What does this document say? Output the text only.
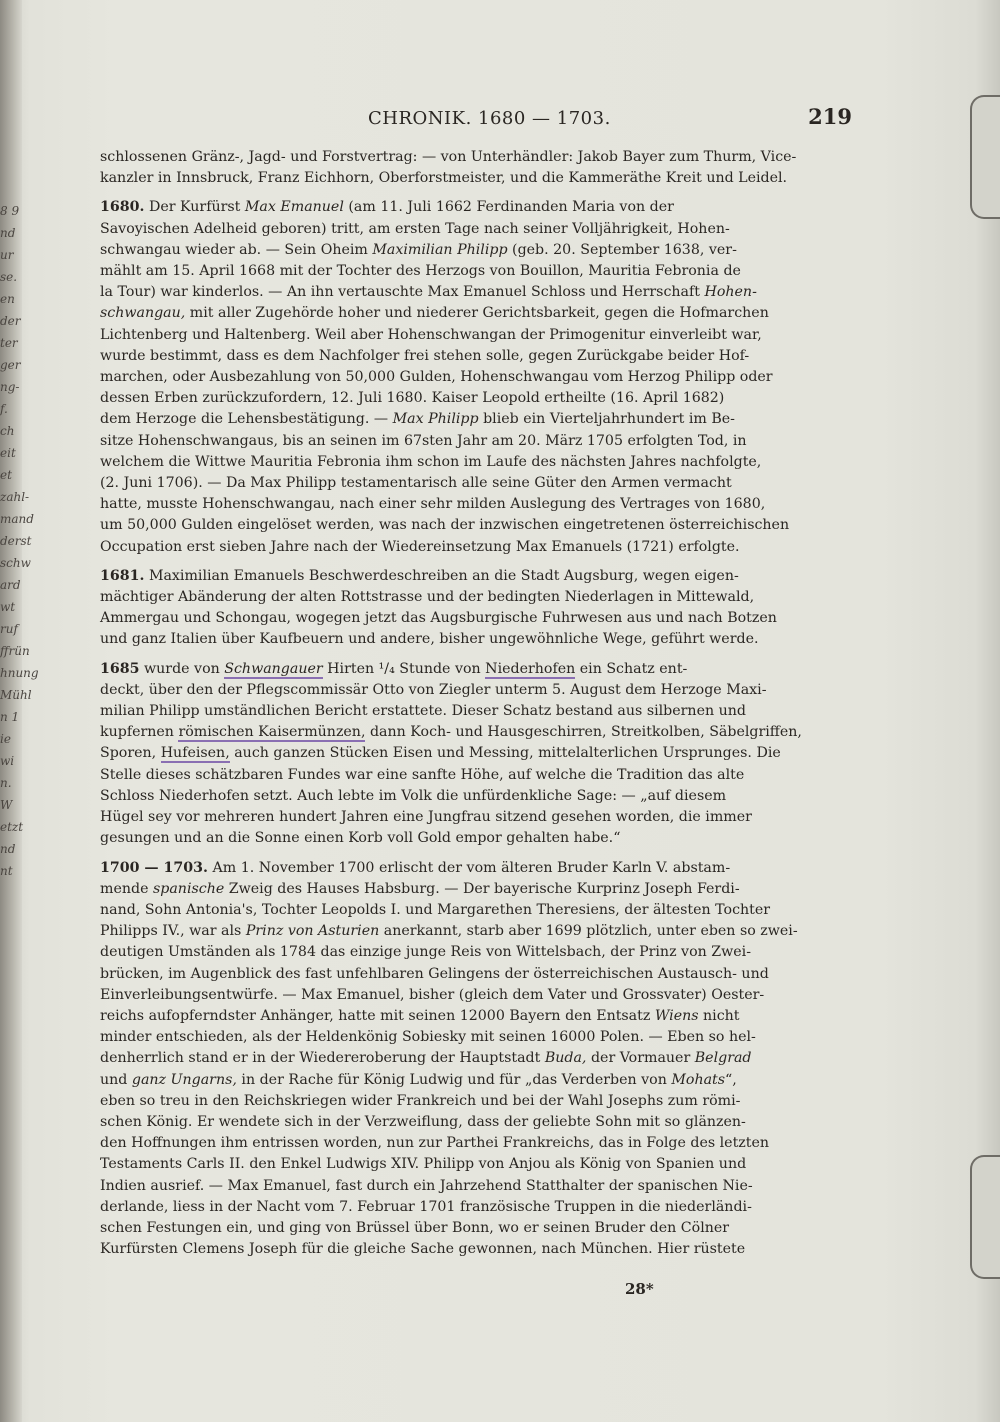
8 9 nd ur se. en der ter ger ng- f. ch eit et zahl- mand derst schw ard wt ruf ffrün hnung Mühl n 1 ie wi n. W etzt nd nt
CHRONIK. 1680 — 1703.	219

schlossenen Gränz-, Jagd- und Forstvertrag: — von Unterhändler: Jakob Bayer zum Thurm, Vice-
kanzler in Innsbruck, Franz Eichhorn, Oberforstmeister, und die Kammeräthe Kreit und Leidel.

1680. Der Kurfürst Max Emanuel (am 11. Juli 1662 Ferdinanden Maria von der
Savoyischen Adelheid geboren) tritt, am ersten Tage nach seiner Volljährigkeit, Hohen-
schwangau wieder ab. — Sein Oheim Maximilian Philipp (geb. 20. September 1638, ver-
mählt am 15. April 1668 mit der Tochter des Herzogs von Bouillon, Mauritia Febronia de
la Tour) war kinderlos. — An ihn vertauschte Max Emanuel Schloss und Herrschaft Hohen-
schwangau, mit aller Zugehörde hoher und niederer Gerichtsbarkeit, gegen die Hofmarchen
Lichtenberg und Haltenberg. Weil aber Hohenschwangan der Primogenitur einverleibt war,
wurde bestimmt, dass es dem Nachfolger frei stehen solle, gegen Zurückgabe beider Hof-
marchen, oder Ausbezahlung von 50,000 Gulden, Hohenschwangau vom Herzog Philipp oder
dessen Erben zurückzufordern, 12. Juli 1680. Kaiser Leopold ertheilte (16. April 1682)
dem Herzoge die Lehensbestätigung. — Max Philipp blieb ein Vierteljahrhundert im Be-
sitze Hohenschwangaus, bis an seinen im 67sten Jahr am 20. März 1705 erfolgten Tod, in
welchem die Wittwe Mauritia Febronia ihm schon im Laufe des nächsten Jahres nachfolgte,
(2. Juni 1706). — Da Max Philipp testamentarisch alle seine Güter den Armen vermacht
hatte, musste Hohenschwangau, nach einer sehr milden Auslegung des Vertrages von 1680,
um 50,000 Gulden eingelöset werden, was nach der inzwischen eingetretenen österreichischen
Occupation erst sieben Jahre nach der Wiedereinsetzung Max Emanuels (1721) erfolgte.

1681. Maximilian Emanuels Beschwerdeschreiben an die Stadt Augsburg, wegen eigen-
mächtiger Abänderung der alten Rottstrasse und der bedingten Niederlagen in Mittewald,
Ammergau und Schongau, wogegen jetzt das Augsburgische Fuhrwesen aus und nach Botzen
und ganz Italien über Kaufbeuern und andere, bisher ungewöhnliche Wege, geführt werde.

1685 wurde von Schwangauer Hirten ¹/₄ Stunde von Niederhofen ein Schatz ent-
deckt, über den der Pflegscommissär Otto von Ziegler unterm 5. August dem Herzoge Maxi-
milian Philipp umständlichen Bericht erstattete. Dieser Schatz bestand aus silbernen und
kupfernen römischen Kaisermünzen, dann Koch- und Hausgeschirren, Streitkolben, Säbelgriffen,
Sporen, Hufeisen, auch ganzen Stücken Eisen und Messing, mittelalterlichen Ursprunges. Die
Stelle dieses schätzbaren Fundes war eine sanfte Höhe, auf welche die Tradition das alte
Schloss Niederhofen setzt. Auch lebte im Volk die unfürdenkliche Sage: — „auf diesem
Hügel sey vor mehreren hundert Jahren eine Jungfrau sitzend gesehen worden, die immer
gesungen und an die Sonne einen Korb voll Gold empor gehalten habe.“

1700 — 1703. Am 1. November 1700 erlischt der vom älteren Bruder Karln V. abstam-
mende spanische Zweig des Hauses Habsburg. — Der bayerische Kurprinz Joseph Ferdi-
nand, Sohn Antonia's, Tochter Leopolds I. und Margarethen Theresiens, der ältesten Tochter
Philipps IV., war als Prinz von Asturien anerkannt, starb aber 1699 plötzlich, unter eben so zwei-
deutigen Umständen als 1784 das einzige junge Reis von Wittelsbach, der Prinz von Zwei-
brücken, im Augenblick des fast unfehlbaren Gelingens der österreichischen Austausch- und
Einverleibungsentwürfe. — Max Emanuel, bisher (gleich dem Vater und Grossvater) Oester-
reichs aufopferndster Anhänger, hatte mit seinen 12000 Bayern den Entsatz Wiens nicht
minder entschieden, als der Heldenkönig Sobiesky mit seinen 16000 Polen. — Eben so hel-
denherrlich stand er in der Wiedereroberung der Hauptstadt Buda, der Vormauer Belgrad
und ganz Ungarns, in der Rache für König Ludwig und für „das Verderben von Mohats“,
eben so treu in den Reichskriegen wider Frankreich und bei der Wahl Josephs zum römi-
schen König. Er wendete sich in der Verzweiflung, dass der geliebte Sohn mit so glänzen-
den Hoffnungen ihm entrissen worden, nun zur Parthei Frankreichs, das in Folge des letzten
Testaments Carls II. den Enkel Ludwigs XIV. Philipp von Anjou als König von Spanien und
Indien ausrief. — Max Emanuel, fast durch ein Jahrzehend Statthalter der spanischen Nie-
derlande, liess in der Nacht vom 7. Februar 1701 französische Truppen in die niederländi-
schen Festungen ein, und ging von Brüssel über Bonn, wo er seinen Bruder den Cölner
Kurfürsten Clemens Joseph für die gleiche Sache gewonnen, nach München. Hier rüstete

28*
